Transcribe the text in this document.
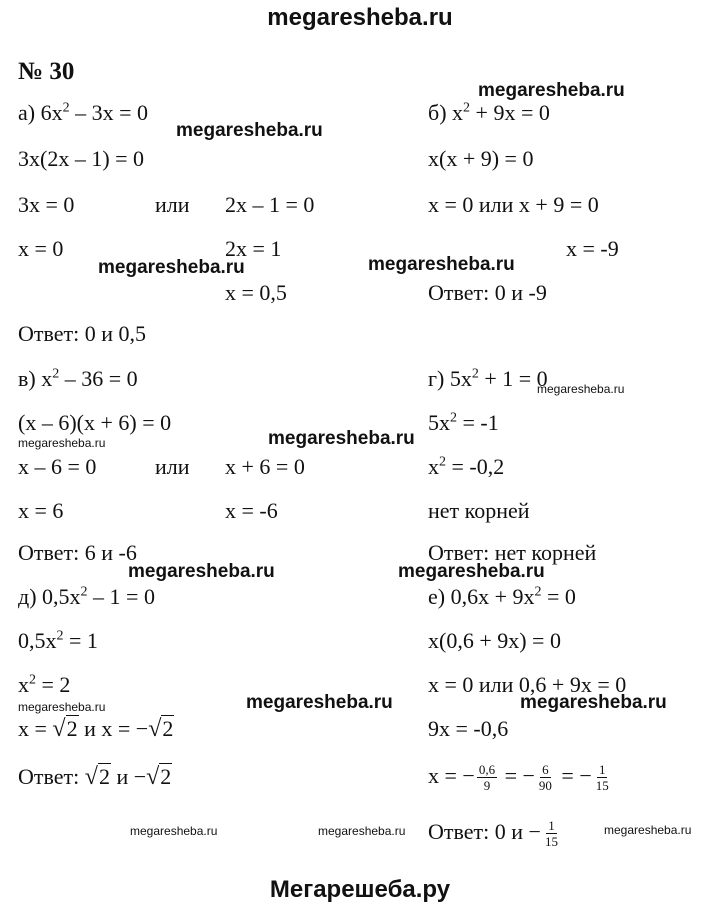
megaresheba.ru
№ 30
а) $6x^2 - 3x = 0$
3x(2x – 1) = 0
3x = 0	или 2x – 1 = 0
x = 0	2x = 1
x = 0,5
Ответ: 0 и 0,5
б) $x^2 + 9x = 0$
x(x + 9) = 0
x = 0 или x + 9 = 0
x = -9
Ответ: 0 и -9
в) $x^2 - 36 = 0$
(x – 6)(x + 6) = 0
x – 6 = 0	или x + 6 = 0
x = 6	x = -6
Ответ: 6 и -6
г) $5x^2 + 1 = 0$
$5x^2 = -1$
$x^2 = -0,2$
нет корней
Ответ: нет корней
д) $0,5x^2 - 1 = 0$
$0,5x^2 = 1$
$x^2 = 2$
x = √2 и x = −√2
Ответ: √2 и −√2
е) $0,6x + 9x^2 = 0$
x(0,6 + 9x) = 0
x = 0 или 0,6 + 9x = 0
9x = -0,6
x = − $\frac{0,6}{9}$ = − $\frac{6}{90}$ = − $\frac{1}{15}$
Ответ: 0 $и - \frac{1}{15}$
megaresheba.ru
megaresheba.ru
megaresheba.ru	megaresheba.ru
megaresheba.ru
megaresheba.ru	megaresheba.ru
megaresheba.ru	megaresheba.ru
megaresheba.ru	megaresheba.ru	megaresheba.ru
megaresheba.ru	megaresheba.ru	megaresheba.ru
Мегарешеба.ру
